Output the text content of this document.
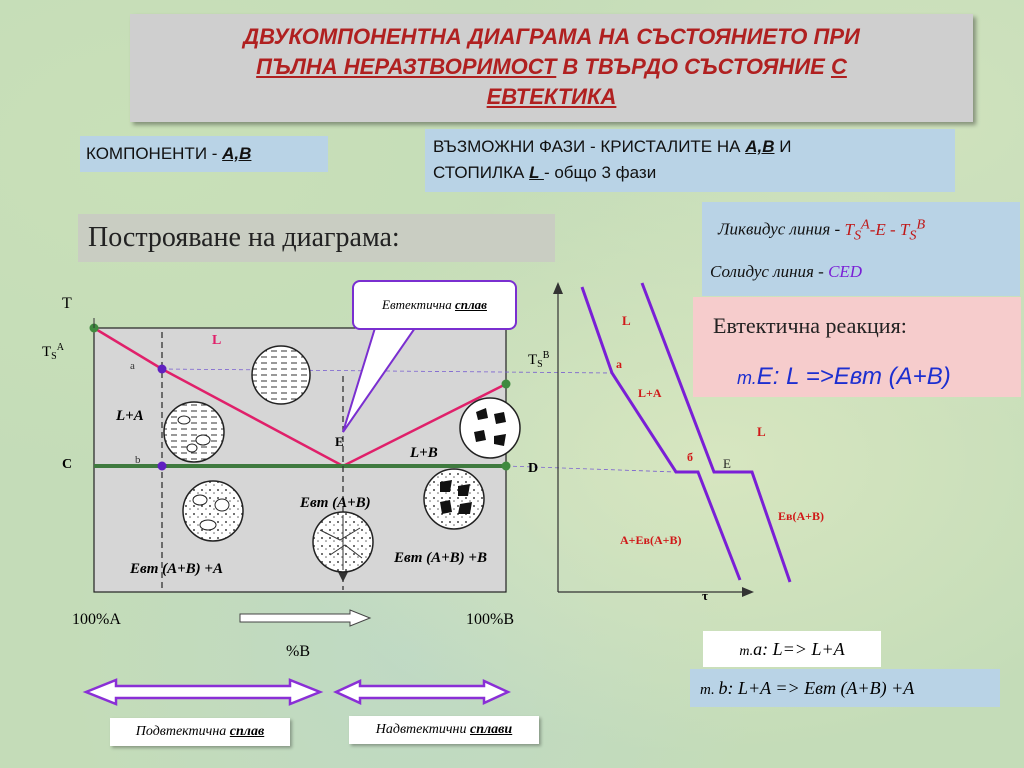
ДВУКОМПОНЕНТНА ДИАГРАМА НА СЪСТОЯНИЕТО ПРИ
ПЪЛНА НЕРАЗТВОРИМОСТ В ТВЪРДО СЪСТОЯНИЕ С
ЕВТЕКТИКА
КОМПОНЕНТИ - А,В	ВЪЗМОЖНИ ФАЗИ - КРИСТАЛИТЕ НА А,В И
СТОПИЛКА L - общо 3 фази
Построяване на диаграма:	Ликвидус линия - $T_S^A-E - T_S^B$
Солидус линия - CED
Евтектична реакция:
т.E: L =>Евт (A+B)
т.a: L=> L+A
т. b: L+A => Евт (A+B) +A
T
$T_S^A$
$T_S^B$
a
b
C	D
E
L
L+A
L+B
Евт (A+B)
Евт (A+B) +A
Евт (A+B) +B
100%A	100%B
%B
L
a
L+A
L
б E
Ев(A+B)
A+Ев(A+B)
τ
Евтектична сплав
Подвтектична сплав	Надвтектични сплави
